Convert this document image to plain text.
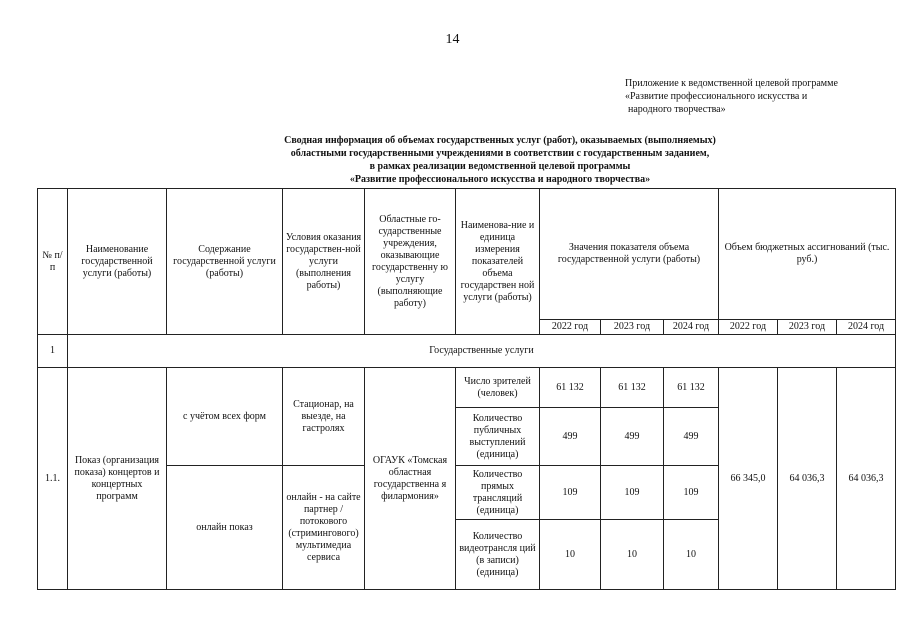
14
Приложение к ведомственной целевой программе
«Развитие профессионального искусства и
народного творчества»
Сводная информация об объемах государственных услуг (работ), оказываемых (выполняемых)
областными государственными учреждениями в соответствии с государственным заданием,
в рамках реализации ведомственной целевой программы
«Развитие профессионального искусства и народного творчества»
№ п/п	Наименование государственной услуги (работы)	Содержание государственной услуги (работы)	Условия оказания государствен-ной услуги (выполнения работы)	Областные го-сударственные учреждения, оказывающие государственну ю услугу (выполняющие работу)	Наименова-ние и единица измерения показателей объема государствен ной услуги (работы)	Значения показателя объема государственной услуги (работы)			Объем бюджетных ассигнований (тыс. руб.)		
						2022 год	2023 год	2024 год	2022 год	2023 год	2024 год
1	Государственные услуги										
1.1.	Показ (организация показа) концертов и концертных программ	с учётом всех форм	Стационар, на выезде, на гастролях	ОГАУК «Томская областная государственна я филармония»	Число зрителей (человек)	61 132	61 132	61 132	66 345,0	64 036,3	64 036,3
					Количество публичных выступлений (единица)	499	499	499			
		онлайн показ	онлайн - на сайте партнер / потокового (стримингового) мультимедиа сервиса		Количество прямых трансляций (единица)	109	109	109			
					Количество видеотрансля ций (в записи) (единица)	10	10	10			
